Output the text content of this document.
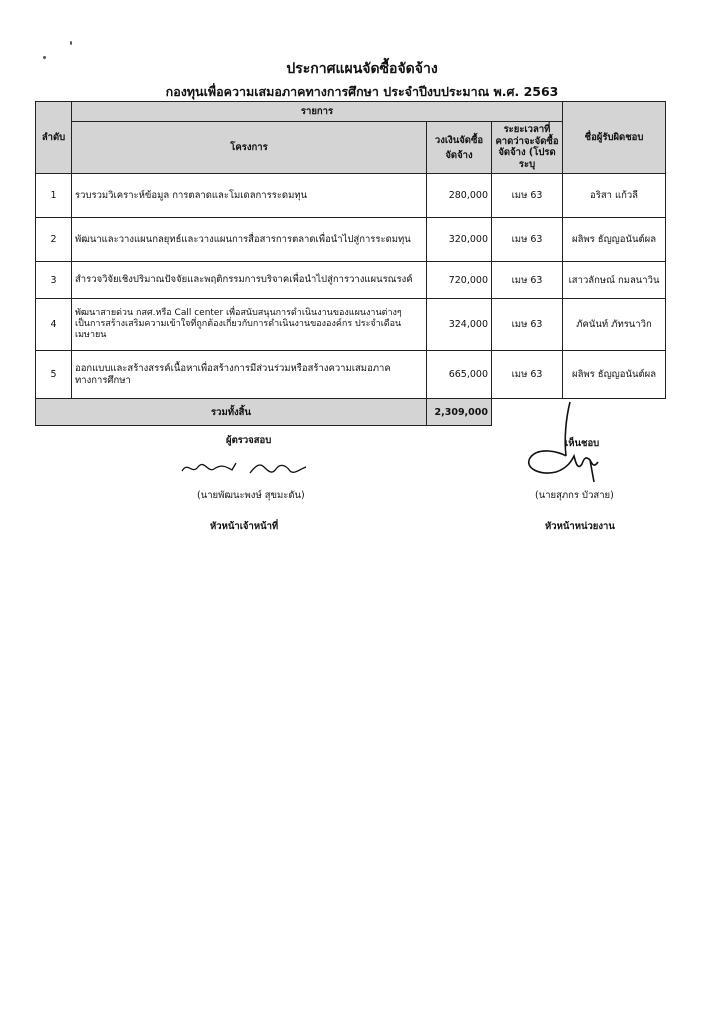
ประกาศแผนจัดซื้อจัดจ้าง
กองทุนเพื่อความเสมอภาคทางการศึกษา ประจำปีงบประมาณ พ.ศ. 2563
ลำดับ	รายการ			ชื่อผู้รับผิดชอบ
	โครงการ	วงเงินจัดซื้อจัดจ้าง	ระยะเวลาที่คาดว่าจะจัดซื้อจัดจ้าง (โปรดระบุ	

1	รวบรวมวิเคราะห์ข้อมูล การตลาดและโมเดลการระดมทุน	280,000	เมษ 63	อริสา แก้วลี
2	พัฒนาและวางแผนกลยุทธ์และวางแผนการสื่อสารการตลาดเพื่อนำไปสู่การระดมทุน	320,000	เมษ 63	ผลิพร ธัญญอนันต์ผล
3	สำรวจวิจัยเชิงปริมาณปัจจัยและพฤติกรรมการบริจาคเพื่อนำไปสู่การวางแผนรณรงค์	720,000	เมษ 63	เสาวลักษณ์ กมลนาวิน
4	พัฒนาสายด่วน กสศ.หรือ Call center เพื่อสนับสนุนการดำเนินงานของแผนงานต่างๆ เป็นการสร้างเสริมความเข้าใจที่ถูกต้องเกี่ยวกับการดำเนินงานขององค์กร ประจำเดือน เมษายน	324,000	เมษ 63	ภัคนันท์ ภัทรนาวิก
5	ออกแบบและสร้างสรรค์เนื้อหาเพื่อสร้างการมีส่วนร่วมหรือสร้างความเสมอภาคทางการศึกษา	665,000	เมษ 63	ผลิพร ธัญญอนันต์ผล
รวมทั้งสิ้น		2,309,000		
ผู้ตรวจสอบ
(นายพัฒนะพงษ์ สุขมะดัน)
หัวหน้าเจ้าหน้าที่
เห็นชอบ
(นายสุภกร บัวสาย)
หัวหน้าหน่วยงาน
